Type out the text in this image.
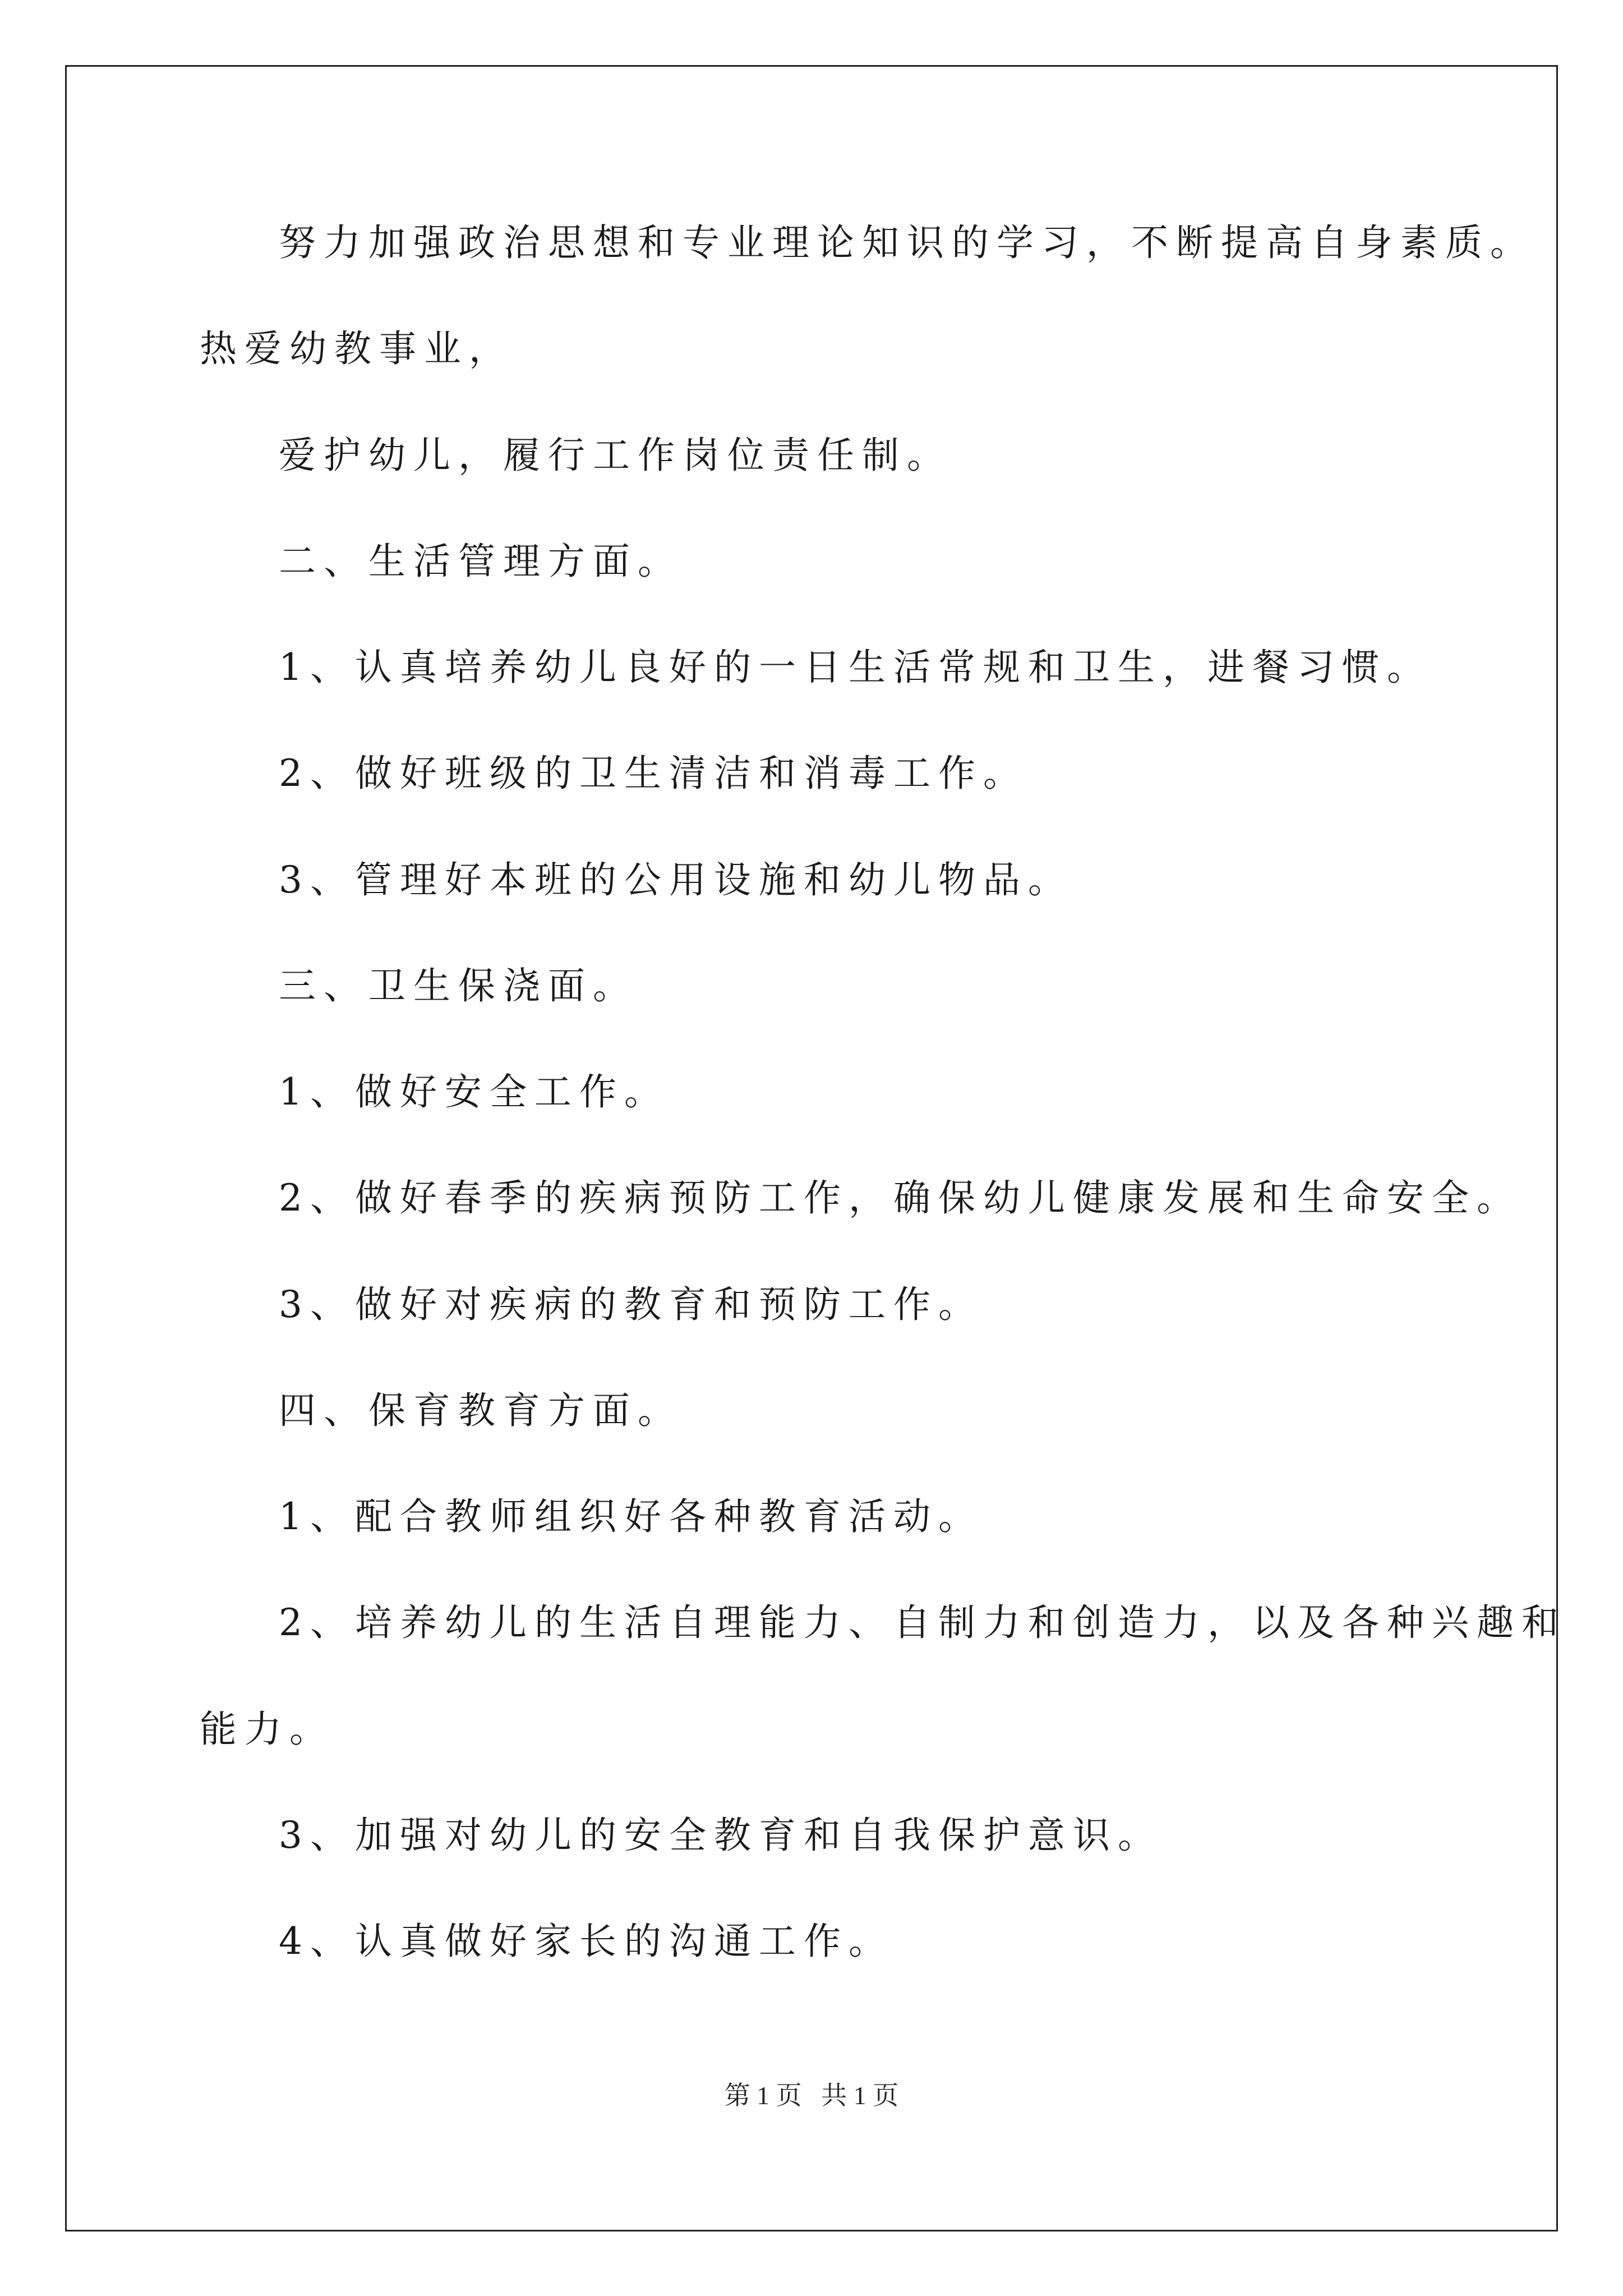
努力加强政治思想和专业理论知识的学习，不断提高自身素质。
热爱幼教事业，
爱护幼儿，履行工作岗位责任制。
二、生活管理方面。
1、认真培养幼儿良好的一日生活常规和卫生，进餐习惯。
2、做好班级的卫生清洁和消毒工作。
3、管理好本班的公用设施和幼儿物品。
三、卫生保浇面。
1、做好安全工作。
2、做好春季的疾病预防工作，确保幼儿健康发展和生命安全。
3、做好对疾病的教育和预防工作。
四、保育教育方面。
1、配合教师组织好各种教育活动。
2、培养幼儿的生活自理能力、自制力和创造力，以及各种兴趣和
能力。
3、加强对幼儿的安全教育和自我保护意识。
4、认真做好家长的沟通工作。
第 1 页   共 1 页
